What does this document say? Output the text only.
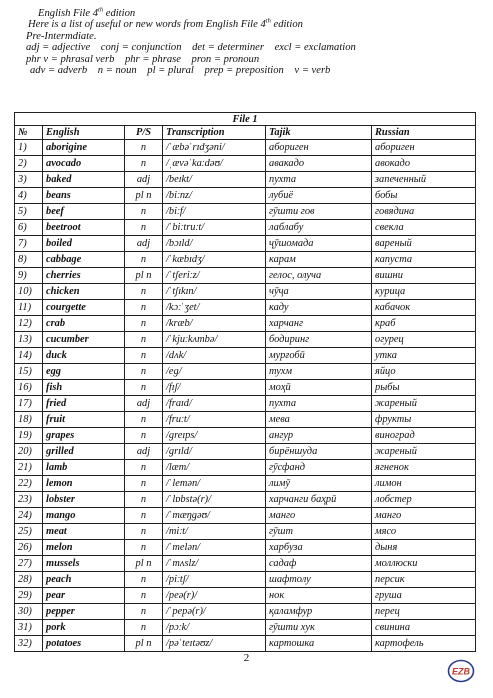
English File 4th edition
Here is a list of useful or new words from English File 4th edition
Pre-Intermdiate.
adj = adjective    conj = conjunction    det = determiner    excl = exclamation
phr v = phrasal verb    phr = phrase    pron = pronoun
adv = adverb    n = noun    pl = plural    prep = preposition    v = verb
File 1					
№	English	P/S	Transcription	Tajik	Russian
1)	aborigine	n	/ˈæbəˈrɪdʒəni/	абориген	абориген
2)	avocado	n	/ˌævəˈkaːdəʊ/	авакадо	авокадо
3)	baked	adj	/beɪkt/	пухта	запеченный
4)	beans	pl n	/biːnz/	лубиё	бобы
5)	beef	n	/biːf/	гӯшти гов	говядина
6)	beetroot	n	/ˈbiːtruːt/	лаблабу	свекла
7)	boiled	adj	/bɔɪld/	ҷӯшомада	вареный
8)	cabbage	n	/ˈkæbɪdʒ/	карам	капуста
9)	cherries	pl n	/ˈtʃeriːz/	гелос, олуча	вишни
10)	chicken	n	/ˈtʃɪkɪn/	чӯҷа	курица
11)	courgette	n	/kɔːˈʒet/	каду	кабачок
12)	crab	n	/kræb/	харчанг	краб
13)	cucumber	n	/ˈkjuːkʌmbə/	бодиринг	огурец
14)	duck	n	/dʌk/	мурғобӣ	утка
15)	egg	n	/eg/	тухм	яйцо
16)	fish	n	/fɪʃ/	моҳӣ	рыбы
17)	fried	adj	/fraɪd/	пухта	жареный
18)	fruit	n	/fruːt/	мева	фрукты
19)	grapes	n	/greɪps/	ангур	виноград
20)	grilled	adj	/grɪld/	бирёншуда	жареный
21)	lamb	n	/læm/	гӯсфанд	ягненок
22)	lemon	n	/ˈlemən/	лимӯ	лимон
23)	lobster	n	/ˈlɒbstə(r)/	харчанги баҳрӣ	лобстер
24)	mango	n	/ˈmæŋgəʊ/	манго	манго
25)	meat	n	/miːt/	гӯшт	мясо
26)	melon	n	/ˈmelən/	харбуза	дыня
27)	mussels	pl n	/ˈmʌslz/	садаф	моллюски
28)	peach	n	/piːtʃ/	шафтолу	персик
29)	pear	n	/peə(r)/	нок	груша
30)	pepper	n	/ˈpepə(r)/	қаламфур	перец
31)	pork	n	/pɔːk/	гӯшти хук	свинина
32)	potatoes	pl n	/pəˈteɪtəʊz/	картошка	картофель
2
EZB
